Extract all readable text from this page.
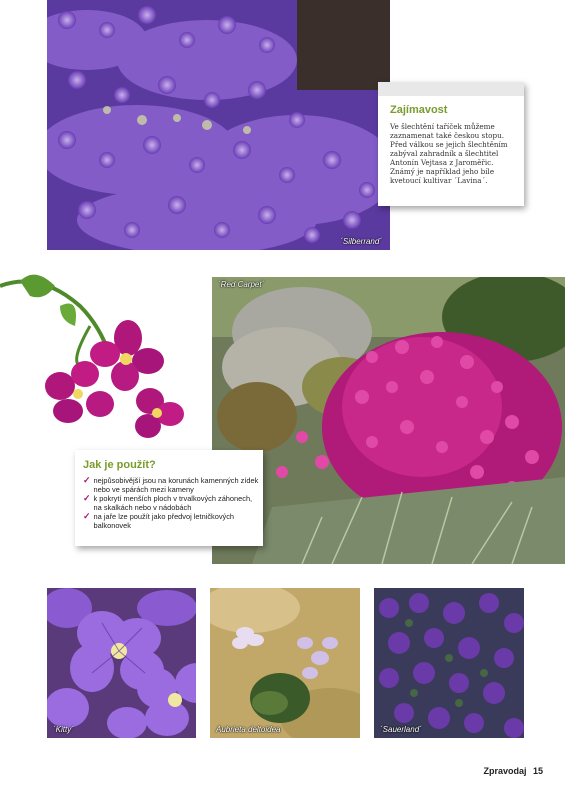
´Silberrand´
Zajímavost
Ve šlechtění taříček můžeme zaznamenat také českou stopu. Před válkou se jejich šlechtěním zabýval zahradník a šlechtitel Antonín Vejtasa z Jaroměřic. Známý je například jeho bíle kvetoucí kultivar ´Lavina´.
´Red Carpet´
Jak je použít?
✓ nejpůsobivější jsou na korunách kamenných zídek nebo ve spárách mezi kameny
✓ k pokrytí menších ploch v trvalkových záhonech, na skalkách nebo v nádobách
✓ na jaře lze použít jako předvoj letničkových balkonovek
´Kitty´	Aubrieta deltoidea	´Sauerland´
Zpravodaj 15
